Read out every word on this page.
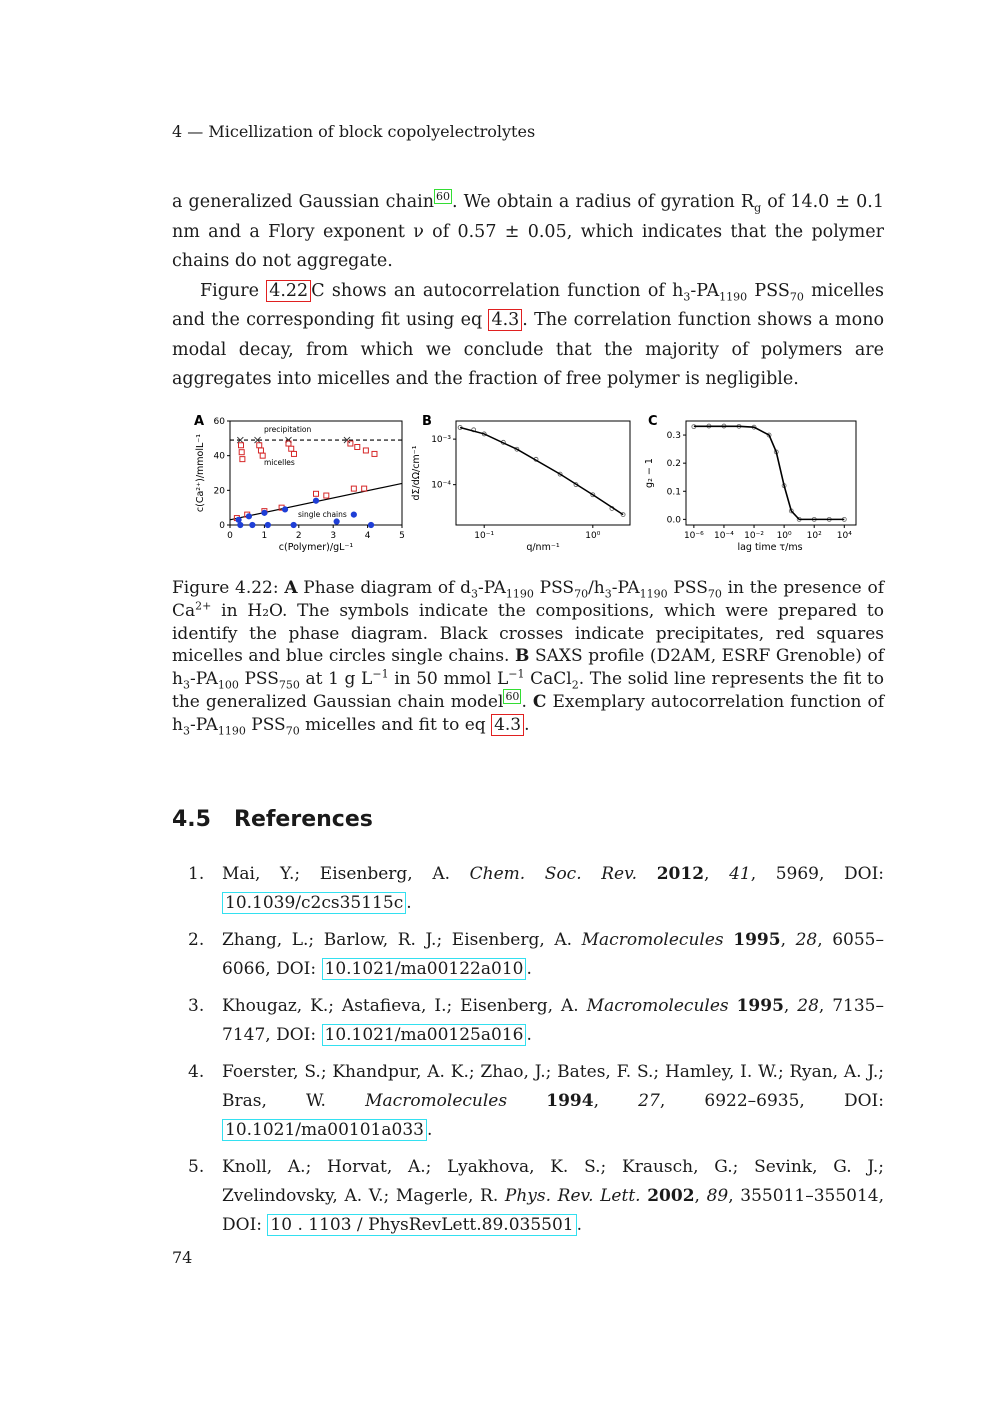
4 — Micellization of block copolyelectrolytes

a generalized Gaussian chain $^{60}$ . We obtain a radius of gyration $R_g$ of 14.0 ± 0.1 nm and a Flory exponent ν of 0.57 ± 0.05, which indicates that the polymer chains do not aggregate.

Figure 4.22 C shows an autocorrelation function of $h_3-PA_{1190}$ $PSS_{70}$ micelles and the corresponding fit using eq 4.3 . The correlation function shows a mono modal decay, from which we conclude that the majority of polymers are aggregates into micelles and the fraction of free polymer is negligible.

A
c(Ca²⁺)/mmolL⁻¹
c(Polymer)/gL⁻¹
0
20
40
60
0	1	2	3	4	5
precipitation
micelles
single chains
B
dΣ/dΩ/cm⁻¹
q/nm⁻¹
10⁻³
10⁻⁴
10⁻¹	10⁰
C
g₂ − 1
lag time τ/ms
0.0
0.1
0.2
0.3
10⁻⁶ 10⁻⁴ 10⁻² 10⁰ 10² 10⁴
Figure 4.22: A Phase diagram of $d_3-PA_{1190}$ $PSS_{70}/h_3-PA_{1190}$ $PSS_{70}$ in the presence of $Ca^{2+}$ in H₂O. The symbols indicate the compositions, which were prepared to identify the phase diagram. Black crosses indicate precipitates, red squares micelles and blue circles single chains. B SAXS profile (D2AM, ESRF Grenoble) of $h_3-PA_{100}$ $PSS_{750}$ at 1 g $L^{-1}$ in 50 mmol $L^{-1}$ CaCl$_2$. The solid line represents the fit to the generalized Gaussian chain model $^{60}$ . C Exemplary autocorrelation function of $h_3-PA_{1190}$ $PSS_{70}$ micelles and fit to eq 4.3 .
4.5 References
1. Mai, Y.; Eisenberg, A. Chem. Soc. Rev. 2012, 41, 5969, DOI: 10.1039/c2cs35115c .
2. Zhang, L.; Barlow, R. J.; Eisenberg, A. Macromolecules 1995, 28, 6055–6066, DOI: 10.1021/ma00122a010 .
3. Khougaz, K.; Astafieva, I.; Eisenberg, A. Macromolecules 1995, 28, 7135–7147, DOI: 10.1021/ma00125a016 .
4. Foerster, S.; Khandpur, A. K.; Zhao, J.; Bates, F. S.; Hamley, I. W.; Ryan, A. J.; Bras, W. Macromolecules 1994, 27, 6922–6935, DOI: 10.1021/ma00101a033 .
5. Knoll, A.; Horvat, A.; Lyakhova, K. S.; Krausch, G.; Sevink, G. J.; Zvelindovsky, A. V.; Magerle, R. Phys. Rev. Lett. 2002, 89, 355011–355014, DOI: 10 . 1103 / PhysRevLett.89.035501 .
74
